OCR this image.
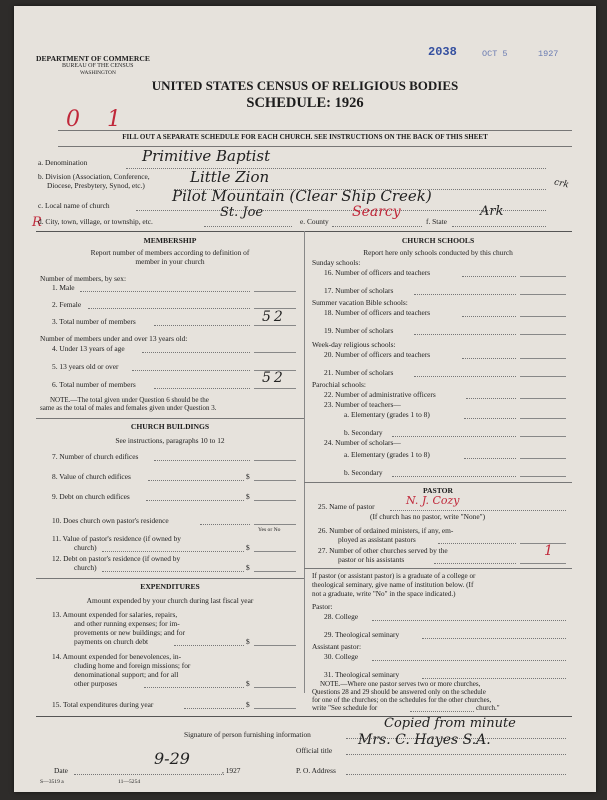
DEPARTMENT OF COMMERCE
BUREAU OF THE CENSUS
WASHINGTON
2038	OCT 5	1927
UNITED STATES CENSUS OF RELIGIOUS BODIES
SCHEDULE: 1926
0 1
FILL OUT A SEPARATE SCHEDULE FOR EACH CHURCH. SEE INSTRUCTIONS ON THE BACK OF THIS SHEET
a. Denomination	Primitive Baptist
b. Division (Association, Conference,
Diocese, Presbytery, Synod, etc.)	Little Zion
c. Local name of church
Pilot Mountain (Clear Ship Creek)
crk
R
d. City, town, village, or township, etc.
St. Joe
e. County
Searcy
f. State
Ark
MEMBERSHIP
Report number of members according to definition of
member in your church
Number of members, by sex:
1. Male
2. Female
3. Total number of members	52
Number of members under and over 13 years old:
4. Under 13 years of age
5. 13 years old or over
6. Total number of members	52
NOTE.—The total given under Question 6 should be the
same as the total of males and females given under Question 3.
CHURCH BUILDINGS
See instructions, paragraphs 10 to 12
7. Number of church edifices
8. Value of church edifices	$
9. Debt on church edifices	$
10. Does church own pastor's residence
Yes or No
11. Value of pastor's residence (if owned by
church)	$
12. Debt on pastor's residence (if owned by
church)	$
EXPENDITURES
Amount expended by your church during last fiscal year
13. Amount expended for salaries, repairs,
and other running expenses; for im-
provements or new buildings; and for
payments on church debt	$
14. Amount expended for benevolences, in-
cluding home and foreign missions; for
denominational support; and for all
other purposes	$
15. Total expenditures during year	$
CHURCH SCHOOLS
Report here only schools conducted by this church
Sunday schools:
16. Number of officers and teachers
17. Number of scholars
Summer vacation Bible schools:
18. Number of officers and teachers
19. Number of scholars
Week-day religious schools:
20. Number of officers and teachers
21. Number of scholars
Parochial schools:
22. Number of administrative officers
23. Number of teachers—
a. Elementary (grades 1 to 8)
b. Secondary
24. Number of scholars—
a. Elementary (grades 1 to 8)
b. Secondary
PASTOR
25. Name of pastor	N. J. Cozy
(If church has no pastor, write "None")
26. Number of ordained ministers, if any, em-
ployed as assistant pastors
27. Number of other churches served by the
pastor or his assistants
1
If pastor (or assistant pastor) is a graduate of a college or
theological seminary, give name of institution below. (If
not a graduate, write "No" in the space indicated.)
Pastor:
28. College
29. Theological seminary
Assistant pastor:
30. College
31. Theological seminary
NOTE.—Where one pastor serves two or more churches,
Questions 28 and 29 should be answered only on the schedule
for one of the churches; on the schedules for the other churches,
write "See schedule for	church."
Signature of person furnishing information
Copied from minute
Official title
Mrs. C. Hayes S.A.
Date
9-29
, 1927	P. O. Address
S—3519 a	11—5254
